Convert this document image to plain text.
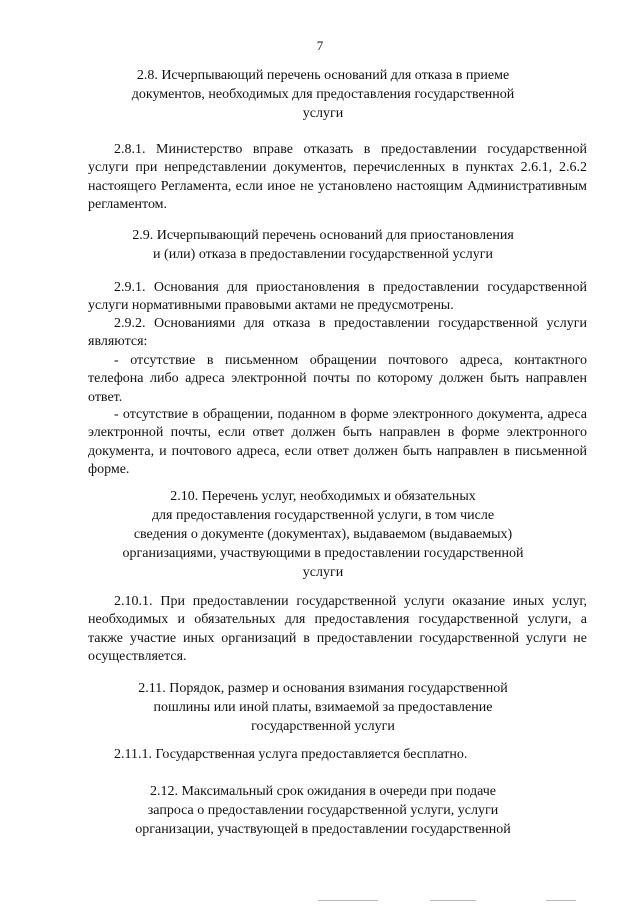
7
2.8. Исчерпывающий перечень оснований для отказа в приеме
документов, необходимых для предоставления государственной
услуги
2.8.1. Министерство вправе отказать в предоставлении государственной
услуги при непредставлении документов, перечисленных в пунктах 2.6.1, 2.6.2
настоящего Регламента, если иное не установлено настоящим Административным
регламентом.
2.9. Исчерпывающий перечень оснований для приостановления
и (или) отказа в предоставлении государственной услуги
2.9.1. Основания для приостановления в предоставлении государственной
услуги нормативными правовыми актами не предусмотрены.
2.9.2. Основаниями для отказа в предоставлении государственной услуги
являются:
- отсутствие в письменном обращении почтового адреса, контактного
телефона либо адреса электронной почты по которому должен быть направлен
ответ.
- отсутствие в обращении, поданном в форме электронного документа, адреса
электронной почты, если ответ должен быть направлен в форме электронного
документа, и почтового адреса, если ответ должен быть направлен в письменной
форме.
2.10. Перечень услуг, необходимых и обязательных
для предоставления государственной услуги, в том числе
сведения о документе (документах), выдаваемом (выдаваемых)
организациями, участвующими в предоставлении государственной
услуги
2.10.1. При предоставлении государственной услуги оказание иных услуг,
необходимых и обязательных для предоставления государственной услуги, а
также участие иных организаций в предоставлении государственной услуги не
осуществляется.
2.11. Порядок, размер и основания взимания государственной
пошлины или иной платы, взимаемой за предоставление
государственной услуги
2.11.1. Государственная услуга предоставляется бесплатно.
2.12. Максимальный срок ожидания в очереди при подаче
запроса о предоставлении государственной услуги, услуги
организации, участвующей в предоставлении государственной
